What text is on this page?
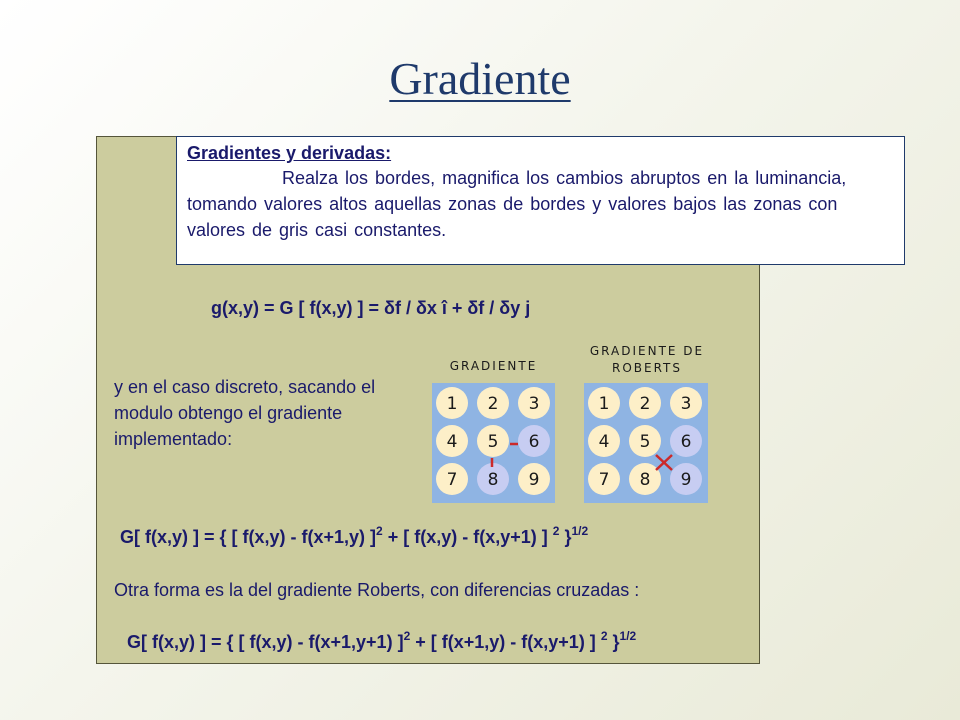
Gradiente
Gradientes y derivadas:
Realza los bordes, magnifica los cambios abruptos en la luminancia, tomando valores altos aquellas zonas de bordes y valores bajos las zonas con valores de gris casi constantes.
g(x,y) = G [ f(x,y) ] = δf / δx î + δf / δy j
y en el caso discreto, sacando el modulo obtengo el gradiente implementado:
GRADIENTE
1 2 3
4 5 6
7 8 9
GRADIENTE DE
ROBERTS
1 2 3
4 5 6
7 8 9
G[ f(x,y) ] = { [ f(x,y) - f(x+1,y) ]$^2$ + [ f(x,y) - f(x,y+1) ] $^2$ }$^{1/2}$
Otra forma es la del gradiente Roberts, con diferencias cruzadas :
G[ f(x,y) ] = { [ f(x,y) - f(x+1,y+1) ]$^2$ + [ f(x+1,y) - f(x,y+1) ] $^2$ }$^{1/2}$
